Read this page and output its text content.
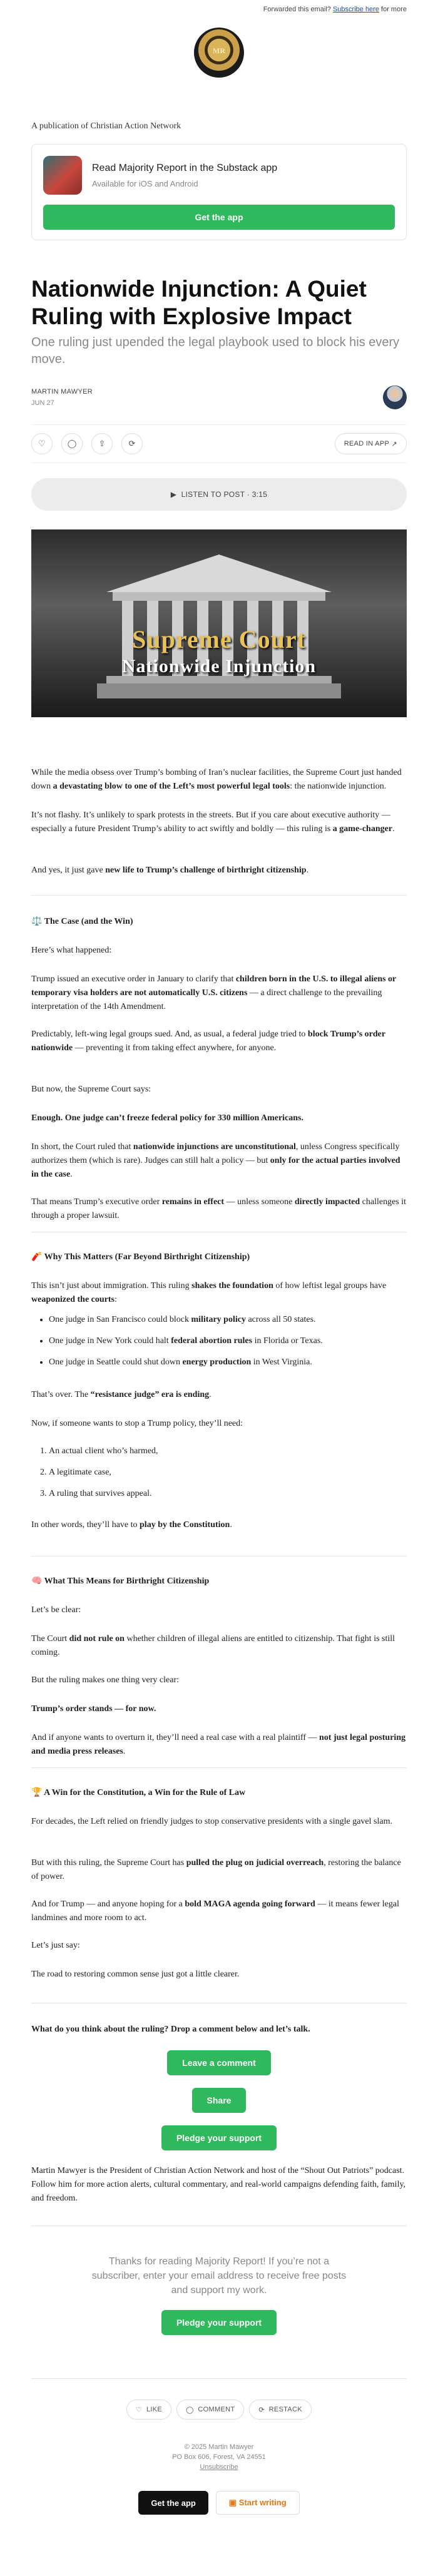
Forwarded this email? Subscribe here for more
MR
A publication of Christian Action Network
Read Majority Report in the Substack app
Available for iOS and Android
Get the app
Nationwide Injunction: A Quiet Ruling with Explosive Impact
One ruling just upended the legal playbook used to block his every move.
MARTIN MAWYER
JUN 27
♡	◯	⇪	⟳	READ IN APP
↗
▶
LISTEN TO POST · 3:15
Supreme Court
Nationwide Injunction

While the media obsess over Trump’s bombing of Iran’s nuclear facilities, the Supreme Court just handed down a devastating blow to one of the Left’s most powerful legal tools: the nationwide injunction.

It’s not flashy. It’s unlikely to spark protests in the streets. But if you care about executive authority — especially a future President Trump’s ability to act swiftly and boldly — this ruling is a game-changer.

And yes, it just gave new life to Trump’s challenge of birthright citizenship.

⚖️ The Case (and the Win)
Here’s what happened:

Trump issued an executive order in January to clarify that children born in the U.S. to illegal aliens or temporary visa holders are not automatically U.S. citizens — a direct challenge to the prevailing interpretation of the 14th Amendment.

Predictably, left-wing legal groups sued. And, as usual, a federal judge tried to block Trump’s order nationwide — preventing it from taking effect anywhere, for anyone.

But now, the Supreme Court says:
Enough. One judge can’t freeze federal policy for 330 million Americans.

In short, the Court ruled that nationwide injunctions are unconstitutional, unless Congress specifically authorizes them (which is rare). Judges can still halt a policy — but only for the actual parties involved in the case.

That means Trump’s executive order remains in effect — unless someone directly impacted challenges it through a proper lawsuit.

🧨 Why This Matters (Far Beyond Birthright Citizenship)

This isn’t just about immigration. This ruling shakes the foundation of how leftist legal groups have weaponized the courts:

• One judge in San Francisco could block military policy across all 50 states.
• One judge in New York could halt federal abortion rules in Florida or Texas.
• One judge in Seattle could shut down energy production in West Virginia.

That’s over. The “resistance judge” era is ending.

Now, if someone wants to stop a Trump policy, they’ll need:
1. An actual client who’s harmed,
2. A legitimate case,
3. A ruling that survives appeal.

In other words, they’ll have to play by the Constitution.

🧠 What This Means for Birthright Citizenship
Let’s be clear:

The Court did not rule on whether children of illegal aliens are entitled to citizenship. That fight is still coming.

But the ruling makes one thing very clear:
Trump’s order stands — for now.

And if anyone wants to overturn it, they’ll need a real case with a real plaintiff — not just legal posturing and media press releases.

🏆 A Win for the Constitution, a Win for the Rule of Law
For decades, the Left relied on friendly judges to stop conservative presidents with a single gavel slam.

But with this ruling, the Supreme Court has pulled the plug on judicial overreach, restoring the balance of power.

And for Trump — and anyone hoping for a bold MAGA agenda going forward — it means fewer legal landmines and more room to act.

Let’s just say:
The road to restoring common sense just got a little clearer.
What do you think about the ruling? Drop a comment below and let’s talk.
Leave a comment
Share
Pledge your support
Martin Mawyer is the President of Christian Action Network and host of the “Shout Out Patriots” podcast. Follow him for more action alerts, cultural commentary, and real-world campaigns defending faith, family, and freedom.
Thanks for reading Majority Report! If you’re not a subscriber, enter your email address to receive free posts and support my work.
Pledge your support
♡
LIKE	◯
COMMENT	⟳
RESTACK
© 2025 Martin Mawyer
PO Box 606, Forest, VA 24551
Unsubscribe
Get the app	▣ Start writing
